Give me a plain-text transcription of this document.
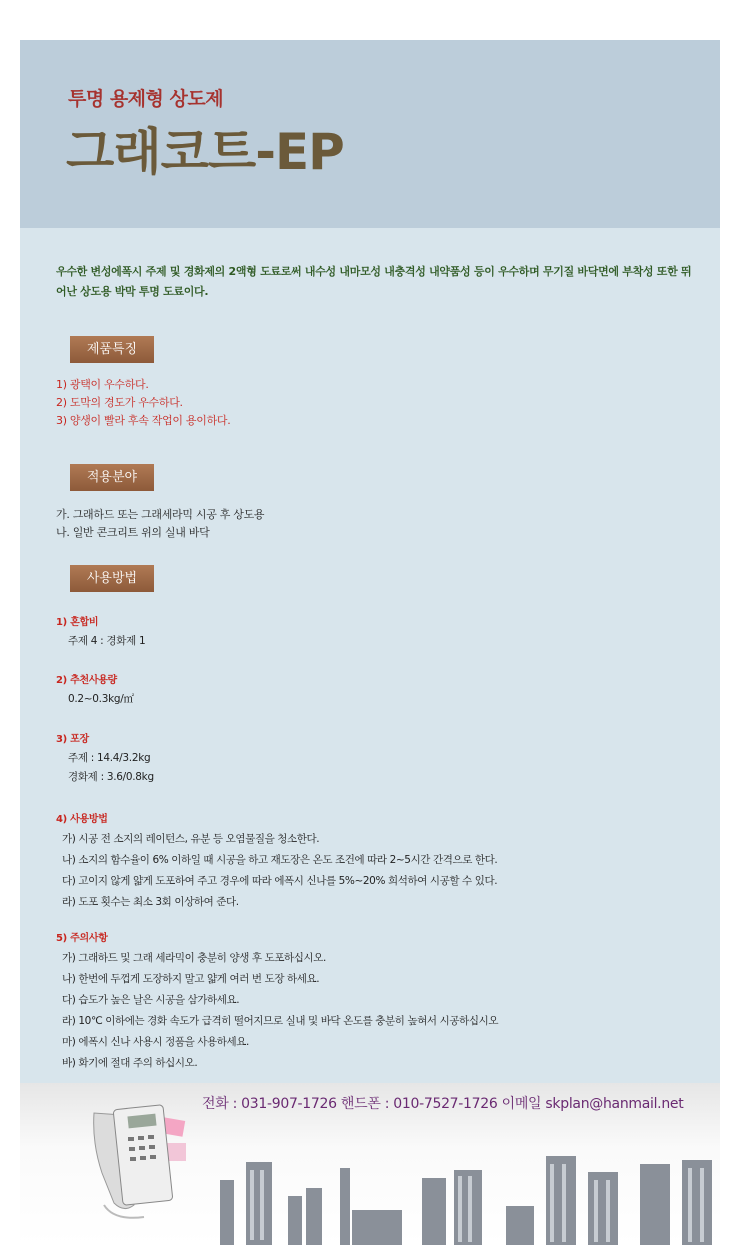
투명 용제형 상도제
그래코트-EP
우수한 변성에폭시 주제 및 경화제의 2액형 도료로써 내수성 내마모성 내충격성 내약품성 등이 우수하며 무기질 바닥면에 부착성 또한 뛰어난 상도용 박막 투명 도료이다.
제품특징
1) 광택이 우수하다.
2) 도막의 경도가 우수하다.
3) 양생이 빨라 후속 작업이 용이하다.
적용분야
가. 그래하드 또는 그래세라믹 시공 후 상도용
나. 일반 콘크리트 위의 실내 바닥
사용방법
1) 혼합비
주제 4 : 경화제 1
2) 추천사용량
0.2~0.3kg/㎡
3) 포장
주제 : 14.4/3.2kg
경화제 : 3.6/0.8kg
4) 사용방법
가) 시공 전 소지의 레이턴스, 유분 등 오염물질을 청소한다.
나) 소지의 함수율이 6% 이하일 때 시공을 하고 재도장은 온도 조건에 따라 2~5시간 간격으로 한다.
다) 고이지 않게 얇게 도포하여 주고 경우에 따라 에폭시 신나를 5%~20% 희석하여 시공할 수 있다.
라) 도포 횟수는 최소 3회 이상하여 준다.
5) 주의사항
가) 그래하드 및 그래 세라믹이 충분히 양생 후 도포하십시오.
나) 한번에 두껍게 도장하지 말고 얇게 여러 번 도장 하세요.
다) 습도가 높은 날은 시공을 삼가하세요.
라) 10℃ 이하에는 경화 속도가 급격히 떨어지므로 실내 및 바닥 온도를 충분히 높혀서 시공하십시오
마) 에폭시 신나 사용시 정품을 사용하세요.
바) 화기에 절대 주의 하십시오.
전화 : 031-907-1726 핸드폰 : 010-7527-1726 이메일 skplan@hanmail.net
